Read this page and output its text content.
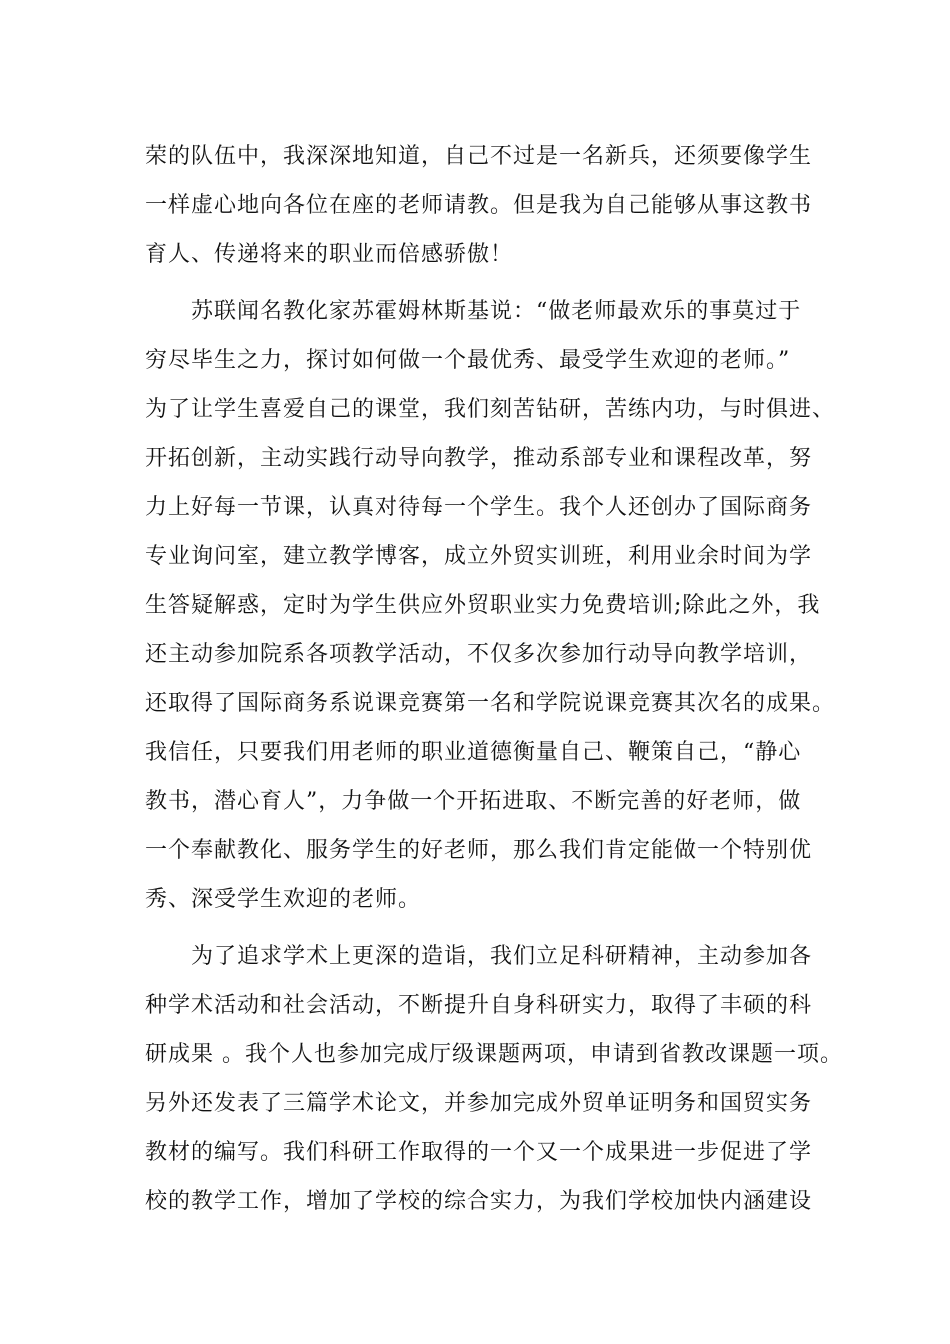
荣的队伍中，我深深地知道，自己不过是一名新兵，还须要像学生
一样虚心地向各位在座的老师请教。但是我为自己能够从事这教书
育人、传递将来的职业而倍感骄傲！
　　苏联闻名教化家苏霍姆林斯基说：“做老师最欢乐的事莫过于
穷尽毕生之力，探讨如何做一个最优秀、最受学生欢迎的老师。”
为了让学生喜爱自己的课堂，我们刻苦钻研，苦练内功，与时俱进、
开拓创新，主动实践行动导向教学，推动系部专业和课程改革，努
力上好每一节课，认真对待每一个学生。我个人还创办了国际商务
专业询问室，建立教学博客，成立外贸实训班，利用业余时间为学
生答疑解惑，定时为学生供应外贸职业实力免费培训;除此之外，我
还主动参加院系各项教学活动，不仅多次参加行动导向教学培训，
还取得了国际商务系说课竞赛第一名和学院说课竞赛其次名的成果。
我信任，只要我们用老师的职业道德衡量自己、鞭策自己，“静心
教书，潜心育人”，力争做一个开拓进取、不断完善的好老师，做
一个奉献教化、服务学生的好老师，那么我们肯定能做一个特别优
秀、深受学生欢迎的老师。
　　为了追求学术上更深的造诣，我们立足科研精神，主动参加各
种学术活动和社会活动，不断提升自身科研实力，取得了丰硕的科
研成果 。我个人也参加完成厅级课题两项，申请到省教改课题一项。
另外还发表了三篇学术论文，并参加完成外贸单证明务和国贸实务
教材的编写。我们科研工作取得的一个又一个成果进一步促进了学
校的教学工作，增加了学校的综合实力，为我们学校加快内涵建设
